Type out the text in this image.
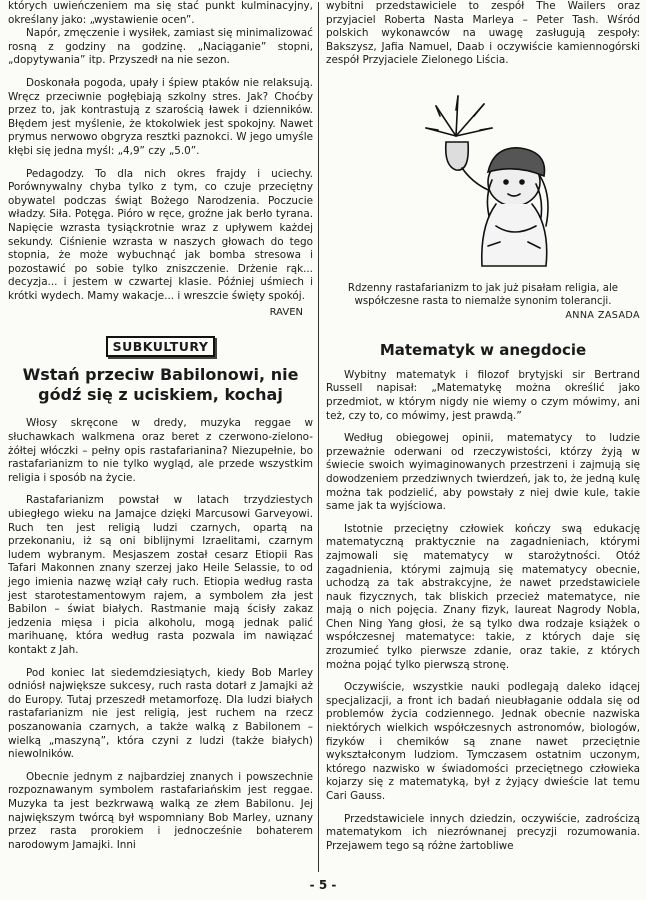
których uwieńczeniem ma się stać punkt kulminacyjny, określany jako: „wystawienie ocen”.

Napór, zmęczenie i wysiłek, zamiast się minimalizować rosną z godziny na godzinę. „Naciąganie” stopni, „dopytywania” itp. Przyszedł na nie sezon.

Doskonała pogoda, upały i śpiew ptaków nie relaksują. Wręcz przeciwnie pogłębiają szkolny stres. Jak? Choćby przez to, jak kontrastują z szarością ławek i dzienników. Błędem jest myślenie, że ktokolwiek jest spokojny. Nawet prymus nerwowo obgryza resztki paznokci. W jego umyśle kłębi się jedna myśl: „4,9” czy „5.0”.

Pedagodzy. To dla nich okres frajdy i uciechy. Porównywalny chyba tylko z tym, co czuje przeciętny obywatel podczas świąt Bożego Narodzenia. Poczucie władzy. Siła. Potęga. Pióro w ręce, groźne jak berło tyrana. Napięcie wzrasta tysiąckrotnie wraz z upływem każdej sekundy. Ciśnienie wzrasta w naszych głowach do tego stopnia, że może wybuchnąć jak bomba stresowa i pozostawić po sobie tylko zniszczenie. Drżenie rąk... decyzja... i jestem w czwartej klasie. Później uśmiech i krótki wydech. Mamy wakacje... i wreszcie święty spokój.

RAVEN
SUBKULTURY
Wstań przeciw Babilonowi, nie gódź się z uciskiem, kochaj

Włosy skręcone w dredy, muzyka reggae w słuchawkach walkmena oraz beret z czerwono-zielono-żółtej włóczki – pełny opis rastafarianina? Niezupełnie, bo rastafarianizm to nie tylko wygląd, ale przede wszystkim religia i sposób na życie.

Rastafarianizm powstał w latach trzydziestych ubiegłego wieku na Jamajce dzięki Marcusowi Garveyowi. Ruch ten jest religią ludzi czarnych, opartą na przekonaniu, iż są oni biblijnymi Izraelitami, czarnym ludem wybranym. Mesjaszem został cesarz Etiopii Ras Tafari Makonnen znany szerzej jako Heile Selassie, to od jego imienia nazwę wziął cały ruch. Etiopia według rasta jest starotestamentowym rajem, a symbolem zła jest Babilon – świat białych. Rastmanie mają ścisły zakaz jedzenia mięsa i picia alkoholu, mogą jednak palić marihuanę, która według rasta pozwala im nawiązać kontakt z Jah.

Pod koniec lat siedemdziesiątych, kiedy Bob Marley odniósł największe sukcesy, ruch rasta dotarł z Jamajki aż do Europy. Tutaj przeszedł metamorfozę. Dla ludzi białych rastafarianizm nie jest religią, jest ruchem na rzecz poszanowania czarnych, a także walką z Babilonem – wielką „maszyną”, która czyni z ludzi (także białych) niewolników.

Obecnie jednym z najbardziej znanych i powszechnie rozpoznawanym symbolem rastafariańskim jest reggae. Muzyka ta jest bezkrwawą walką ze złem Babilonu. Jej największym twórcą był wspomniany Bob Marley, uznany przez rasta prorokiem i jednocześnie bohaterem narodowym Jamajki. Inni

wybitni przedstawiciele to zespół The Wailers oraz przyjaciel Roberta Nasta Marleya – Peter Tash. Wśród polskich wykonawców na uwagę zasługują zespoły: Bakszysz, Jafia Namuel, Daab i oczywiście kamiennogórski zespół Przyjaciele Zielonego Liścia.

Rdzenny rastafarianizm to jak już pisałam religia, ale współczesne rasta to niemalże synonim tolerancji.
ANNA ZASADA
Matematyk w anegdocie

Wybitny matematyk i filozof brytyjski sir Bertrand Russell napisał: „Matematykę można określić jako przedmiot, w którym nigdy nie wiemy o czym mówimy, ani też, czy to, co mówimy, jest prawdą.”

Według obiegowej opinii, matematycy to ludzie przeważnie oderwani od rzeczywistości, którzy żyją w świecie swoich wyimaginowanych przestrzeni i zajmują się dowodzeniem przedziwnych twierdzeń, jak to, że jedną kulę można tak podzielić, aby powstały z niej dwie kule, takie same jak ta wyjściowa.

Istotnie przeciętny człowiek kończy swą edukację matematyczną praktycznie na zagadnieniach, którymi zajmowali się matematycy w starożytności. Otóż zagadnienia, którymi zajmują się matematycy obecnie, uchodzą za tak abstrakcyjne, że nawet przedstawiciele nauk fizycznych, tak bliskich przecież matematyce, nie mają o nich pojęcia. Znany fizyk, laureat Nagrody Nobla, Chen Ning Yang głosi, że są tylko dwa rodzaje książek o współczesnej matematyce: takie, z których daje się zrozumieć tylko pierwsze zdanie, oraz takie, z których można pojąć tylko pierwszą stronę.

Oczywiście, wszystkie nauki podlegają daleko idącej specjalizacji, a front ich badań nieubłaganie oddala się od problemów życia codziennego. Jednak obecnie nazwiska niektórych wielkich współczesnych astronomów, biologów, fizyków i chemików są znane nawet przeciętnie wykształconym ludziom. Tymczasem ostatnim uczonym, którego nazwisko w świadomości przeciętnego człowieka kojarzy się z matematyką, był z żyjący dwieście lat temu Cari Gauss.

Przedstawiciele innych dziedzin, oczywiście, zadrościzą matematykom ich niezrównanej precyzji rozumowania. Przejawem tego są różne żartobliwe

- 5 -
